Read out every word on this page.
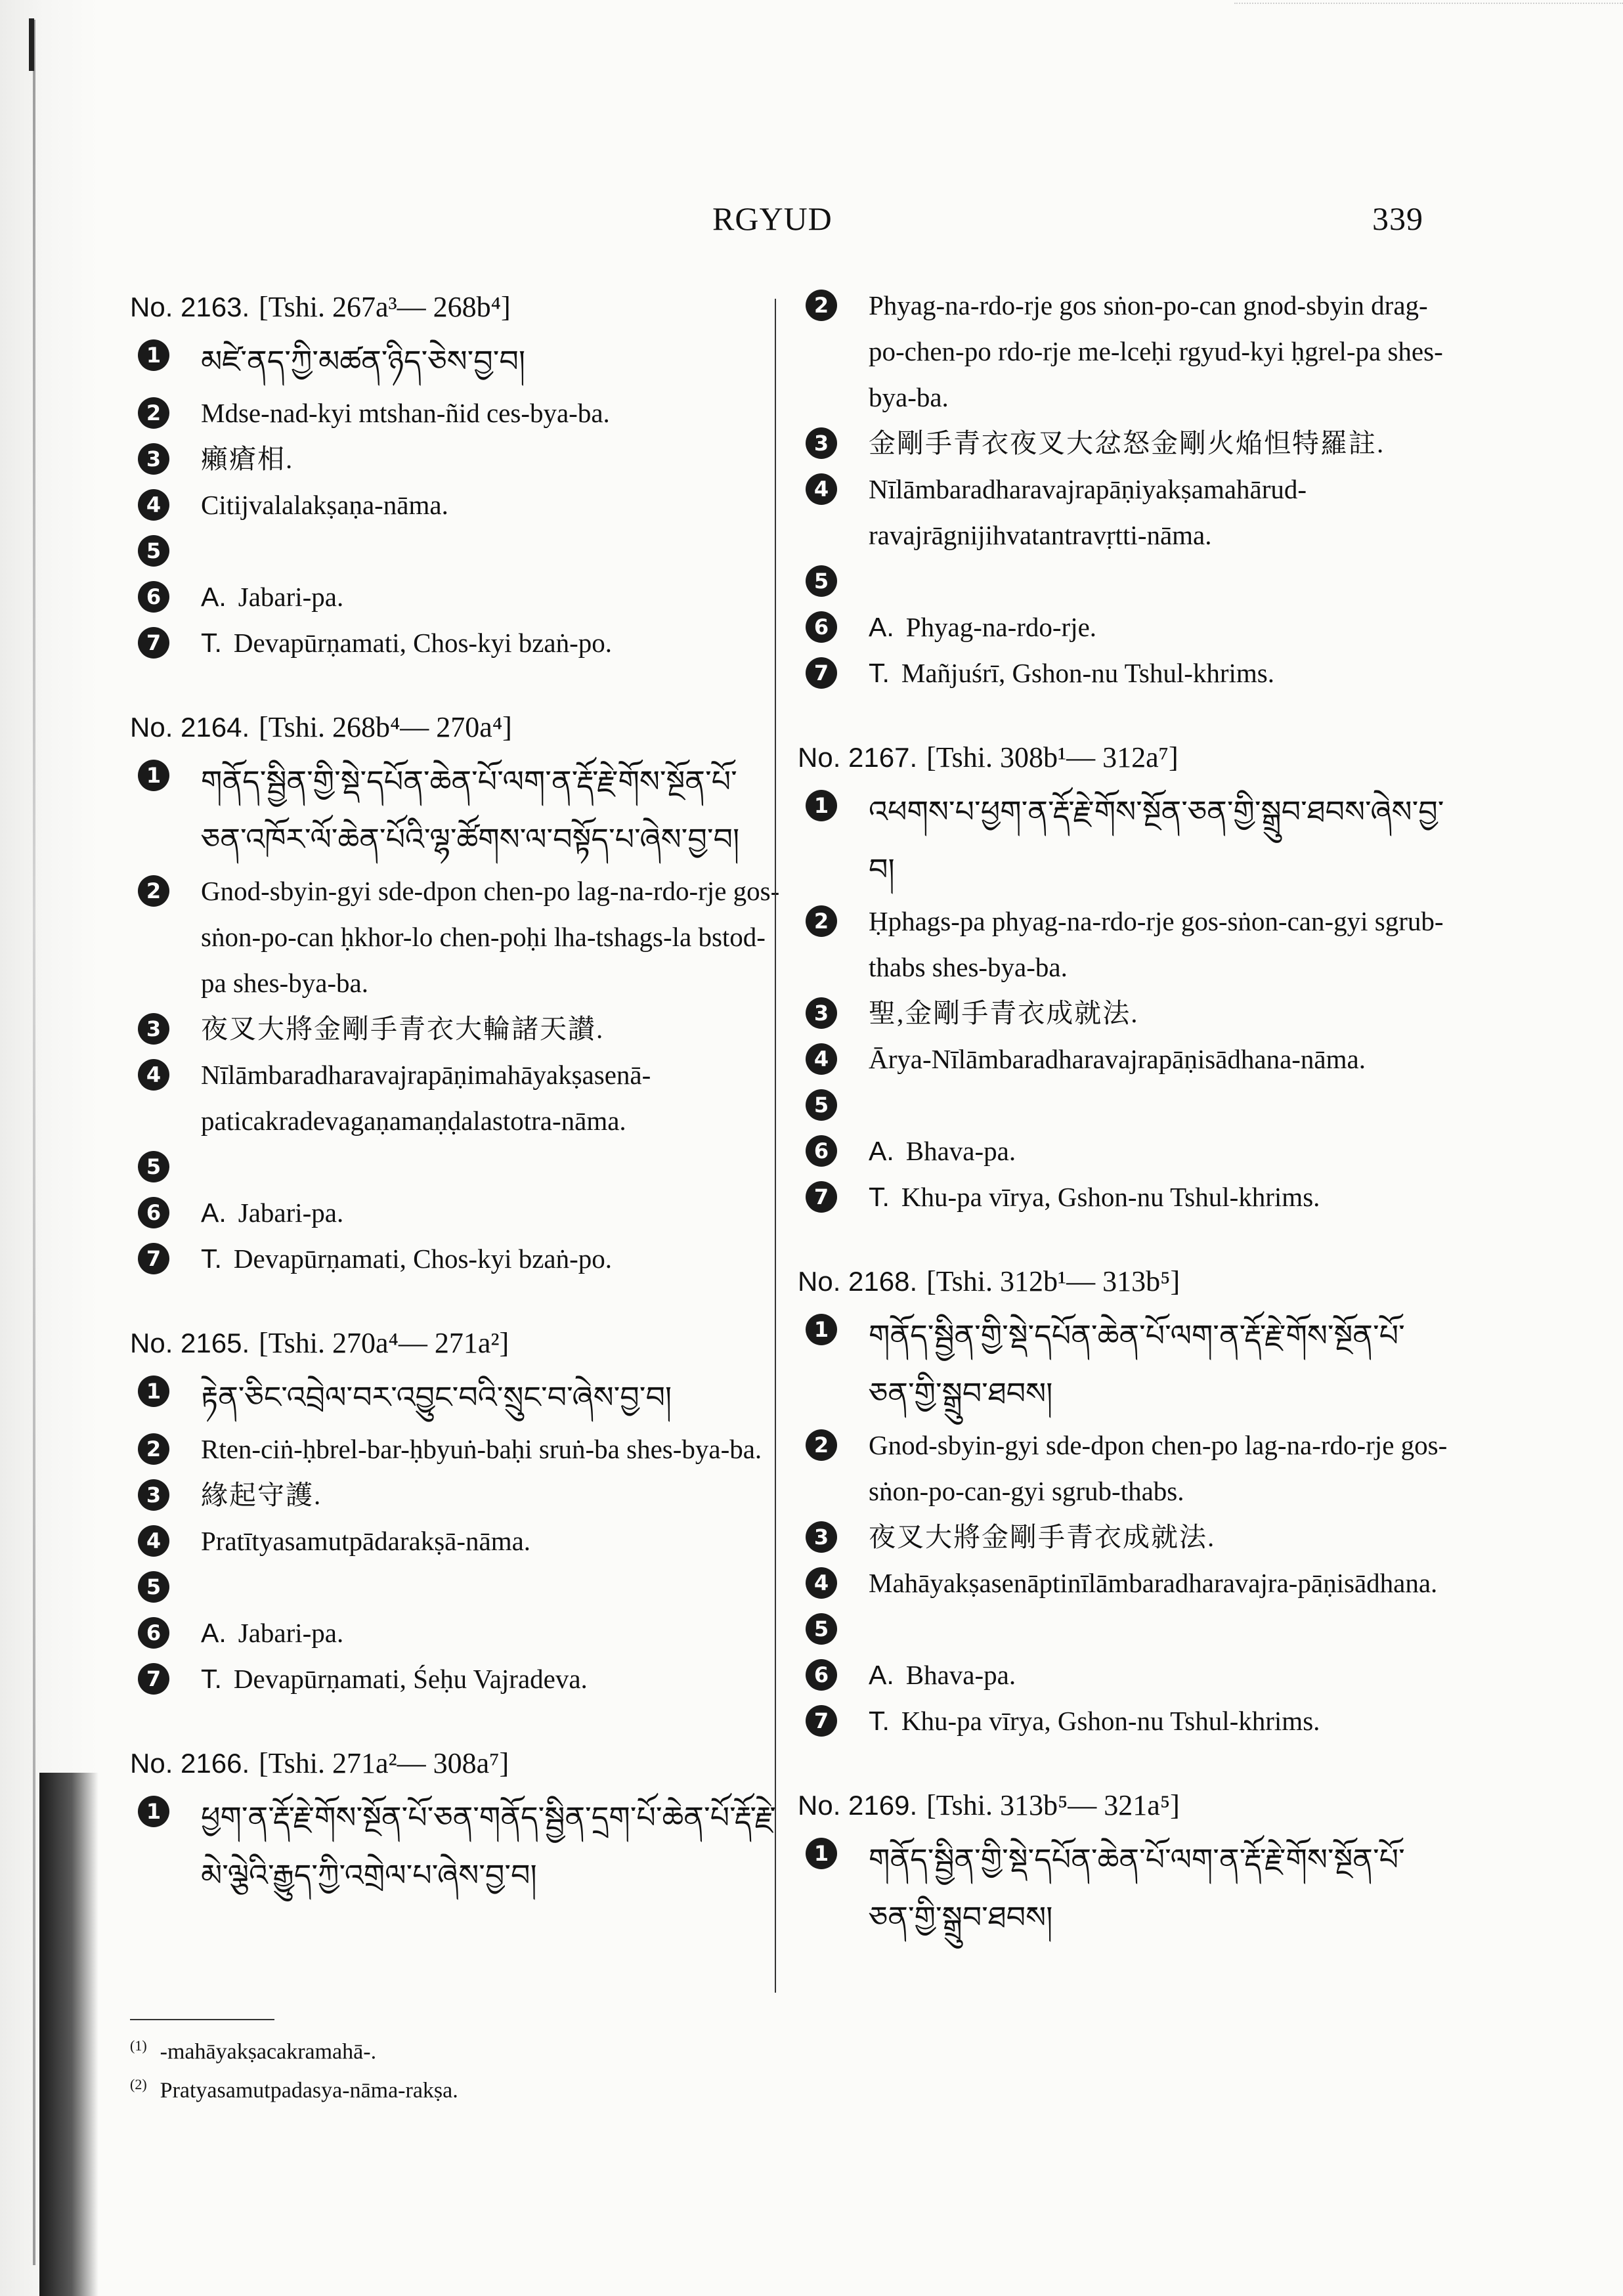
RGYUD	339
No. 2163. [Tshi. 267a³— 268b⁴]
1 མཛེ་ནད་ཀྱི་མཚན་ཉིད་ཅེས་བྱ་བ།
2	Mdse-nad-kyi mtshan-ñid ces-bya-ba.
3	癩瘡相.
4	Citijvalalakṣaṇa-nāma.
5
6	A. Jabari-pa.
7	T. Devapūrṇamati, Chos-kyi bzaṅ-po.
No. 2164. [Tshi. 268b⁴— 270a⁴]
1 གནོད་སྦྱིན་གྱི་སྡེ་དཔོན་ཆེན་པོ་ལག་ན་རྡོ་རྗེ་གོས་སྔོན་པོ་ཅན་འཁོར་ལོ་ཆེན་པོའི་ལྷ་ཚོགས་ལ་བསྟོད་པ་ཞེས་བྱ་བ།
2	Gnod-sbyin-gyi sde-dpon chen-po lag-na-rdo-rje gos-sṅon-po-can ḥkhor-lo chen-poḥi lha-tshags-la bstod-pa shes-bya-ba.
3	夜叉大將金剛手青衣大輪諸天讃.
4	Nīlāmbaradharavajrapāṇimahāyakṣasenā-paticakradevagaṇamaṇḍalastotra-nāma.
5
6	A. Jabari-pa.
7	T. Devapūrṇamati, Chos-kyi bzaṅ-po.
No. 2165. [Tshi. 270a⁴— 271a²]
1 རྟེན་ཅིང་འབྲེལ་བར་འབྱུང་བའི་སྲུང་བ་ཞེས་བྱ་བ།
2	Rten-ciṅ-ḥbrel-bar-ḥbyuṅ-baḥi sruṅ-ba shes-bya-ba.
3	緣起守護.
4	Pratītyasamutpādarakṣā-nāma.
5
6	A. Jabari-pa.
7	T. Devapūrṇamati, Śeḥu Vajradeva.
No. 2166. [Tshi. 271a²— 308a⁷]
1 ཕྱག་ན་རྡོ་རྗེ་གོས་སྔོན་པོ་ཅན་གནོད་སྦྱིན་དྲག་པོ་ཆེན་པོ་རྡོ་རྗེ་མེ་ལྕེའི་རྒྱུད་ཀྱི་འགྲེལ་པ་ཞེས་བྱ་བ།
2	Phyag-na-rdo-rje gos sṅon-po-can gnod-sbyin drag-po-chen-po rdo-rje me-lceḥi rgyud-kyi ḥgrel-pa shes-bya-ba.
3	金剛手青衣夜叉大忿怒金剛火焔怛特羅註.
4	Nīlāmbaradharavajrapāṇiyakṣamahārud-ravajrāgnijihvatantravṛtti-nāma.
5
6	A. Phyag-na-rdo-rje.
7	T. Mañjuśrī, Gshon-nu Tshul-khrims.
No. 2167. [Tshi. 308b¹— 312a⁷]
1 འཕགས་པ་ཕྱག་ན་རྡོ་རྗེ་གོས་སྔོན་ཅན་གྱི་སྒྲུབ་ཐབས་ཞེས་བྱ་བ།
2	Ḥphags-pa phyag-na-rdo-rje gos-sṅon-can-gyi sgrub-thabs shes-bya-ba.
3	聖,金剛手青衣成就法.
4	Ārya-Nīlāmbaradharavajrapāṇisādhana-nāma.
5
6	A. Bhava-pa.
7	T. Khu-pa vīrya, Gshon-nu Tshul-khrims.
No. 2168. [Tshi. 312b¹— 313b⁵]
1 གནོད་སྦྱིན་གྱི་སྡེ་དཔོན་ཆེན་པོ་ལག་ན་རྡོ་རྗེ་གོས་སྔོན་པོ་ཅན་གྱི་སྒྲུབ་ཐབས།
2	Gnod-sbyin-gyi sde-dpon chen-po lag-na-rdo-rje gos-sṅon-po-can-gyi sgrub-thabs.
3	夜叉大將金剛手青衣成就法.
4	Mahāyakṣasenāptinīlāmbaradharavajra-pāṇisādhana.
5
6	A. Bhava-pa.
7	T. Khu-pa vīrya, Gshon-nu Tshul-khrims.
No. 2169. [Tshi. 313b⁵— 321a⁵]
1 གནོད་སྦྱིན་གྱི་སྡེ་དཔོན་ཆེན་པོ་ལག་ན་རྡོ་རྗེ་གོས་སྔོན་པོ་ཅན་གྱི་སྒྲུབ་ཐབས།
$^{(1)}$ -mahāyakṣacakramahā-.
$^{(2)}$ Pratyasamutpadasya-nāma-rakṣa.
